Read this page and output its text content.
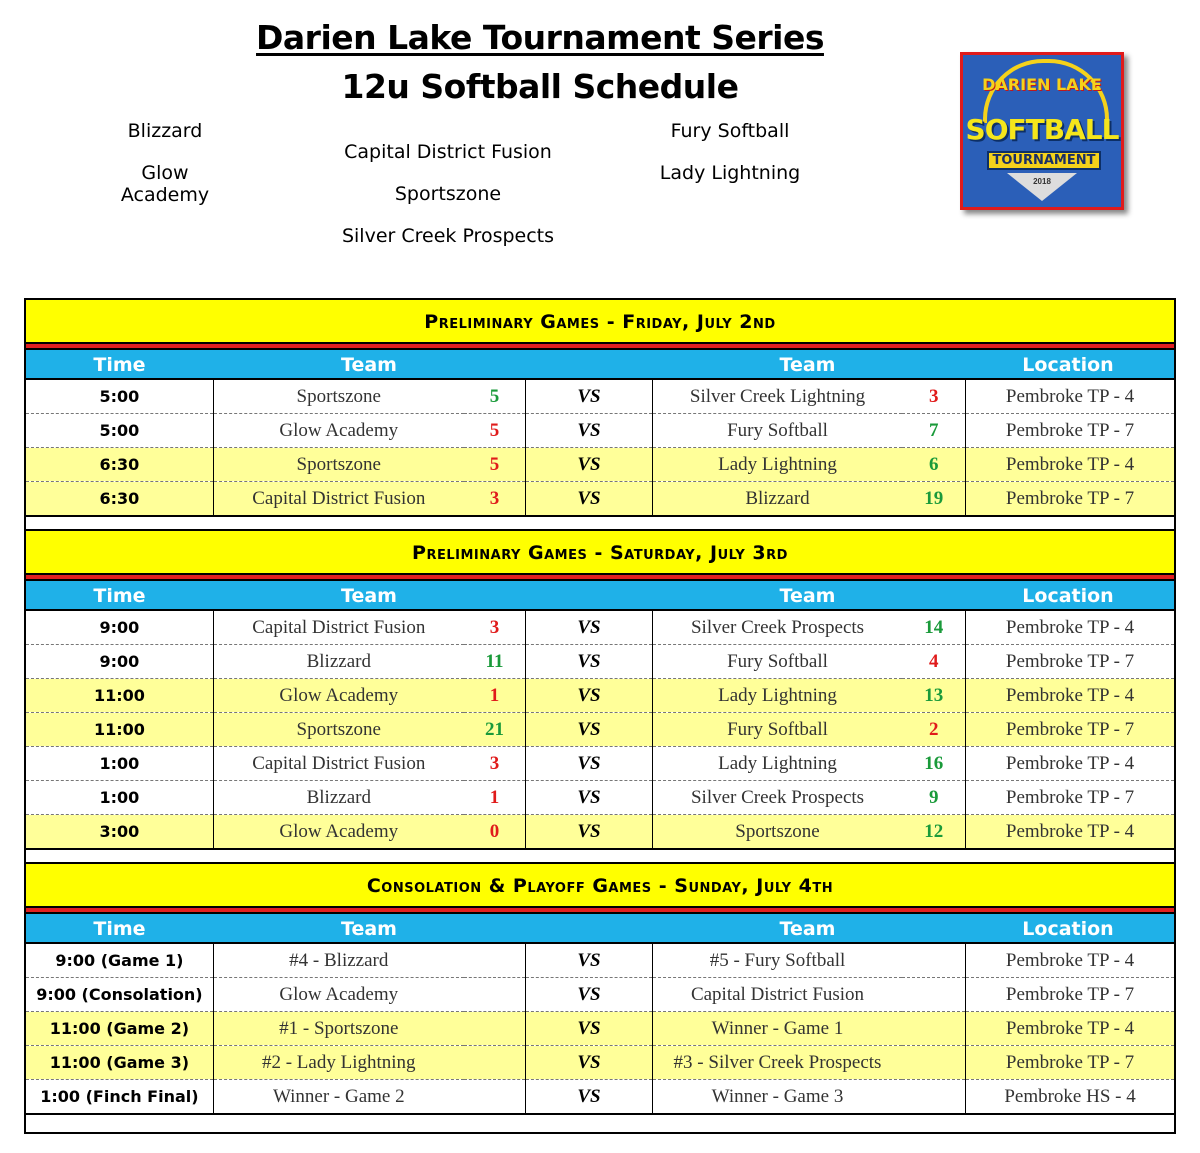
Darien Lake Tournament Series
12u Softball Schedule
Blizzard
Glow Academy
Capital District Fusion
Sportszone
Silver Creek Prospects
Fury Softball
Lady Lightning
DARIEN LAKE
SOFTBALL
TOURNAMENT
2018
Preliminary Games - Friday, July 2nd
Time	Team	Team	Location
5:00	Sportszone	5	VS	Silver Creek Lightning	3	Pembroke TP - 4
5:00	Glow Academy	5	VS	Fury Softball	7	Pembroke TP - 7
6:30	Sportszone	5	VS	Lady Lightning	6	Pembroke TP - 4
6:30	Capital District Fusion	3	VS	Blizzard	19	Pembroke TP - 7
Preliminary Games - Saturday, July 3rd
Time	Team	Team	Location
9:00	Capital District Fusion	3	VS	Silver Creek Prospects	14	Pembroke TP - 4
9:00	Blizzard	11	VS	Fury Softball	4	Pembroke TP - 7
11:00	Glow Academy	1	VS	Lady Lightning	13	Pembroke TP - 4
11:00	Sportszone	21	VS	Fury Softball	2	Pembroke TP - 7
1:00	Capital District Fusion	3	VS	Lady Lightning	16	Pembroke TP - 4
1:00	Blizzard	1	VS	Silver Creek Prospects	9	Pembroke TP - 7
3:00	Glow Academy	0	VS	Sportszone	12	Pembroke TP - 4
Consolation & Playoff Games - Sunday, July 4th
Time	Team	Team	Location
9:00 (Game 1)	#4 - Blizzard		VS	#5 - Fury Softball		Pembroke TP - 4
9:00 (Consolation)	Glow Academy		VS	Capital District Fusion		Pembroke TP - 7
11:00 (Game 2)	#1 - Sportszone		VS	Winner - Game 1		Pembroke TP - 4
11:00 (Game 3)	#2 - Lady Lightning		VS	#3 - Silver Creek Prospects		Pembroke TP - 7
1:00 (Finch Final)	Winner - Game 2		VS	Winner - Game 3		Pembroke HS - 4
